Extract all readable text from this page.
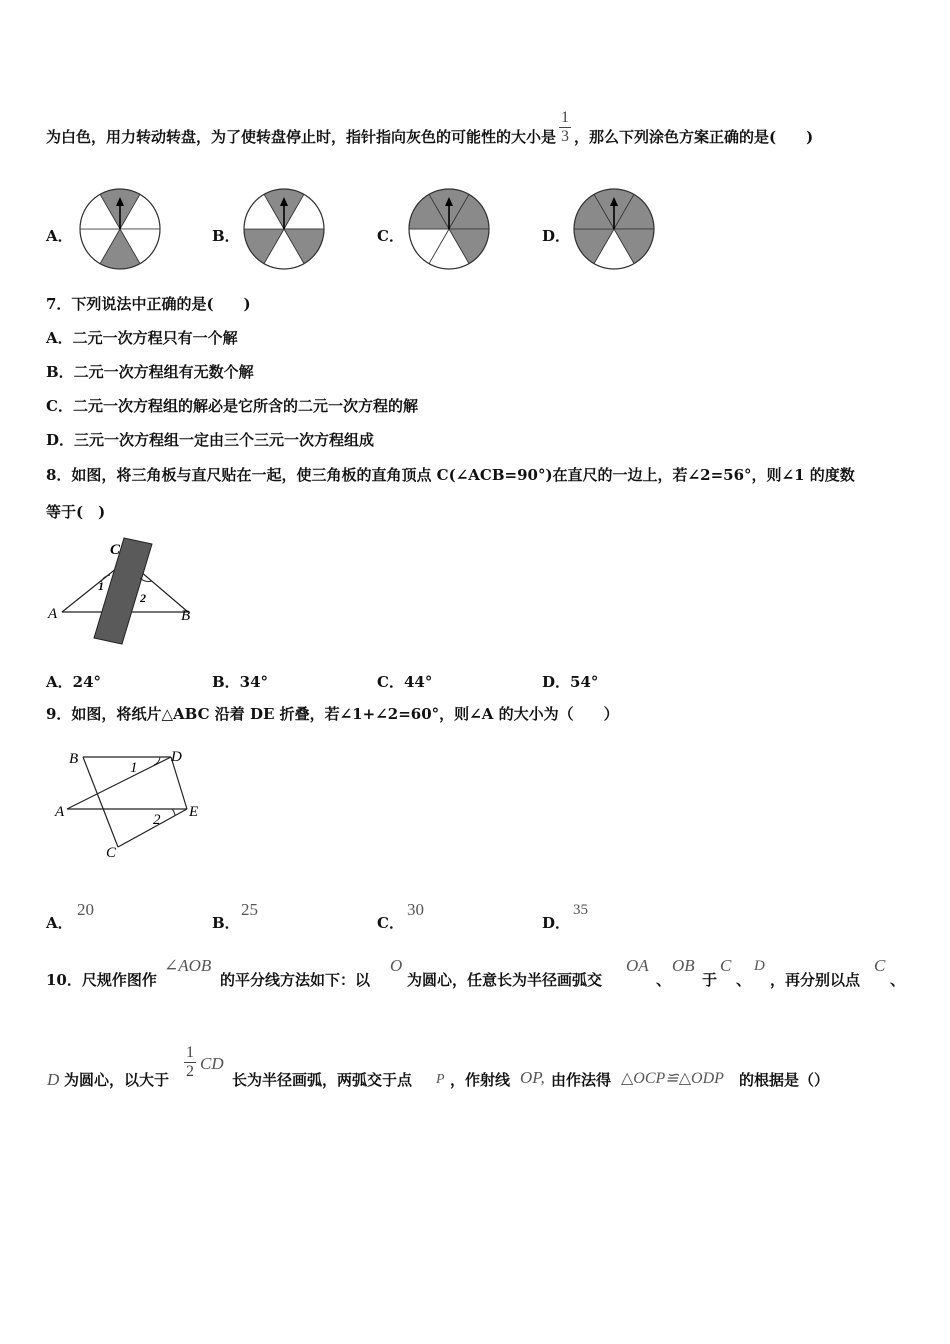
为白色，用力转动转盘，为了使转盘停止时，指针指向灰色的可能性的大小是 $\frac{1}{3}$ ，那么下列涂色方案正确的是(　　)
A．	B．	C．	D．
7．下列说法中正确的是(　　)
A．二元一次方程只有一个解
B．二元一次方程组有无数个解
C．二元一次方程组的解必是它所含的二元一次方程的解
D．三元一次方程组一定由三个三元一次方程组成
8．如图，将三角板与直尺贴在一起，使三角板的直角顶点 C(∠ACB=90°)在直尺的一边上，若∠2=56°，则∠1 的度数
等于(　)
C
A	B
1
2
A．24°	B．34°	C．44°	D．54°
9．如图，将纸片△ABC 沿着 DE 折叠，若∠1+∠2=60°，则∠A 的大小为（　　）
B	D
A	E
C
1
2
A．
20
B．
25
C．
30
D．
35
10．尺规作图作
∠AOB
的平分线方法如下：以
O
为圆心，任意长为半径画弧交
OA
、
OB
于
C
、
D
，再分别以点
C
、
D 为圆心，以大于 $\frac{1}{2}$ CD
长为半径画弧，两弧交于点 P ，作射线 OP, 由作法得 △OCP≌△ODP 的根据是（）
